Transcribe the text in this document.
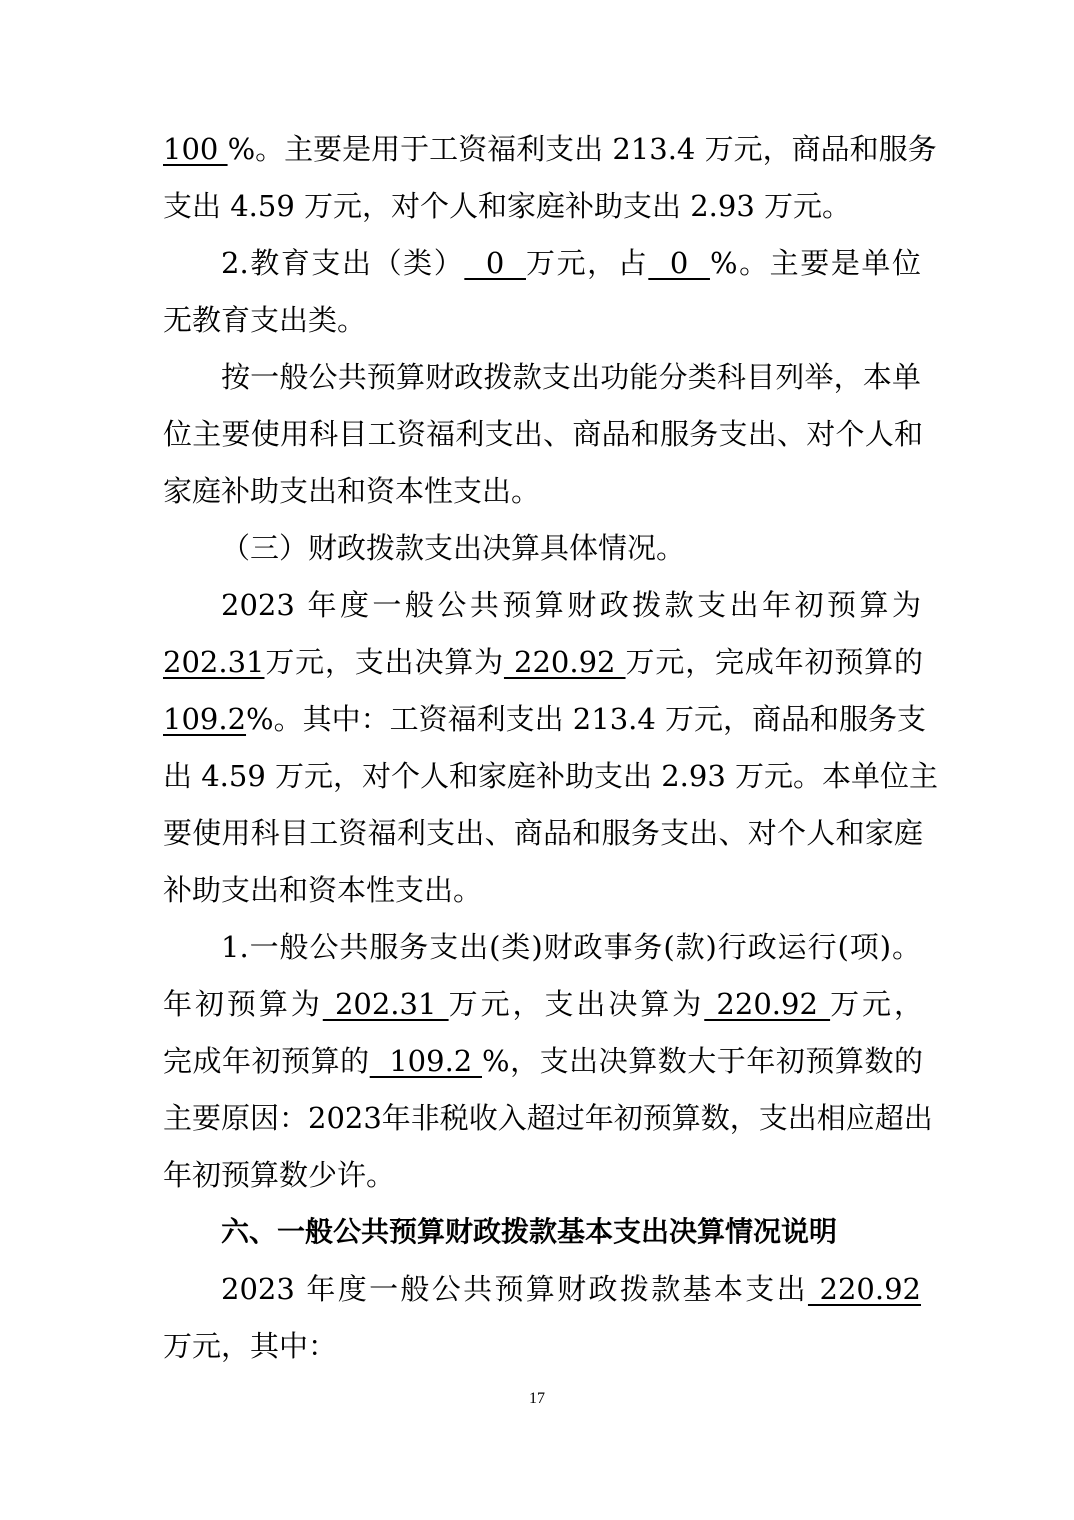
100 %。主要是用于工资福利支出 213.4 万元，商品和服务
支出 4.59 万元，对个人和家庭补助支出 2.93 万元。
2.教育支出（类）  0  万元，占  0  %。主要是单位
无教育支出类。
按一般公共预算财政拨款支出功能分类科目列举，本单
位主要使用科目工资福利支出、商品和服务支出、对个人和
家庭补助支出和资本性支出。
（三）财政拨款支出决算具体情况。
2023 年度一般公共预算财政拨款支出年初预算为
202.31万元，支出决算为 220.92 万元，完成年初预算的
109.2%。其中：工资福利支出 213.4 万元，商品和服务支
出 4.59 万元，对个人和家庭补助支出 2.93 万元。本单位主
要使用科目工资福利支出、商品和服务支出、对个人和家庭
补助支出和资本性支出。
1.一般公共服务支出(类)财政事务(款)行政运行(项)。
年初预算为 202.31 万元，支出决算为 220.92 万元，
完成年初预算的  109.2 %，支出决算数大于年初预算数的
主要原因：2023年非税收入超过年初预算数，支出相应超出
年初预算数少许。
六、一般公共预算财政拨款基本支出决算情况说明
2023 年度一般公共预算财政拨款基本支出 220.92
万元，其中：
17
